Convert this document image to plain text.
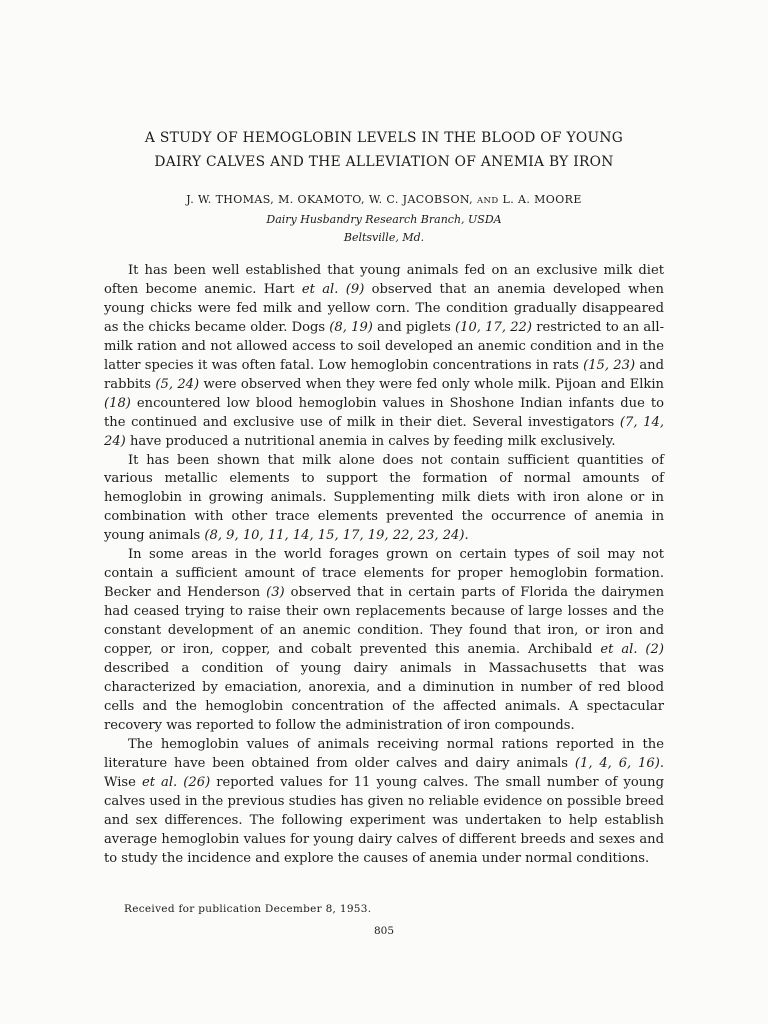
A STUDY OF HEMOGLOBIN LEVELS IN THE BLOOD OF YOUNG
DAIRY CALVES AND THE ALLEVIATION OF ANEMIA BY IRON
J. W. THOMAS, M. OKAMOTO, W. C. JACOBSON, AND L. A. MOORE
Dairy Husbandry Research Branch, USDA
Beltsville, Md.

It has been well established that young animals fed on an exclusive milk diet often become anemic. Hart et al. (9) observed that an anemia developed when young chicks were fed milk and yellow corn. The condition gradually disappeared as the chicks became older. Dogs (8, 19) and piglets (10, 17, 22) restricted to an all-milk ration and not allowed access to soil developed an anemic condition and in the latter species it was often fatal. Low hemoglobin concentrations in rats (15, 23) and rabbits (5, 24) were observed when they were fed only whole milk. Pijoan and Elkin (18) encountered low blood hemoglobin values in Shoshone Indian infants due to the continued and exclusive use of milk in their diet. Several investigators (7, 14, 24) have produced a nutritional anemia in calves by feeding milk exclusively.

It has been shown that milk alone does not contain sufficient quantities of various metallic elements to support the formation of normal amounts of hemoglobin in growing animals. Supplementing milk diets with iron alone or in combination with other trace elements prevented the occurrence of anemia in young animals (8, 9, 10, 11, 14, 15, 17, 19, 22, 23, 24).

In some areas in the world forages grown on certain types of soil may not contain a sufficient amount of trace elements for proper hemoglobin formation. Becker and Henderson (3) observed that in certain parts of Florida the dairymen had ceased trying to raise their own replacements because of large losses and the constant development of an anemic condition. They found that iron, or iron and copper, or iron, copper, and cobalt prevented this anemia. Archibald et al. (2) described a condition of young dairy animals in Massachusetts that was characterized by emaciation, anorexia, and a diminution in number of red blood cells and the hemoglobin concentration of the affected animals. A spectacular recovery was reported to follow the administration of iron compounds.

The hemoglobin values of animals receiving normal rations reported in the literature have been obtained from older calves and dairy animals (1, 4, 6, 16). Wise et al. (26) reported values for 11 young calves. The small number of young calves used in the previous studies has given no reliable evidence on possible breed and sex differences. The following experiment was undertaken to help establish average hemoglobin values for young dairy calves of different breeds and sexes and to study the incidence and explore the causes of anemia under normal conditions.

Received for publication December 8, 1953.
805
